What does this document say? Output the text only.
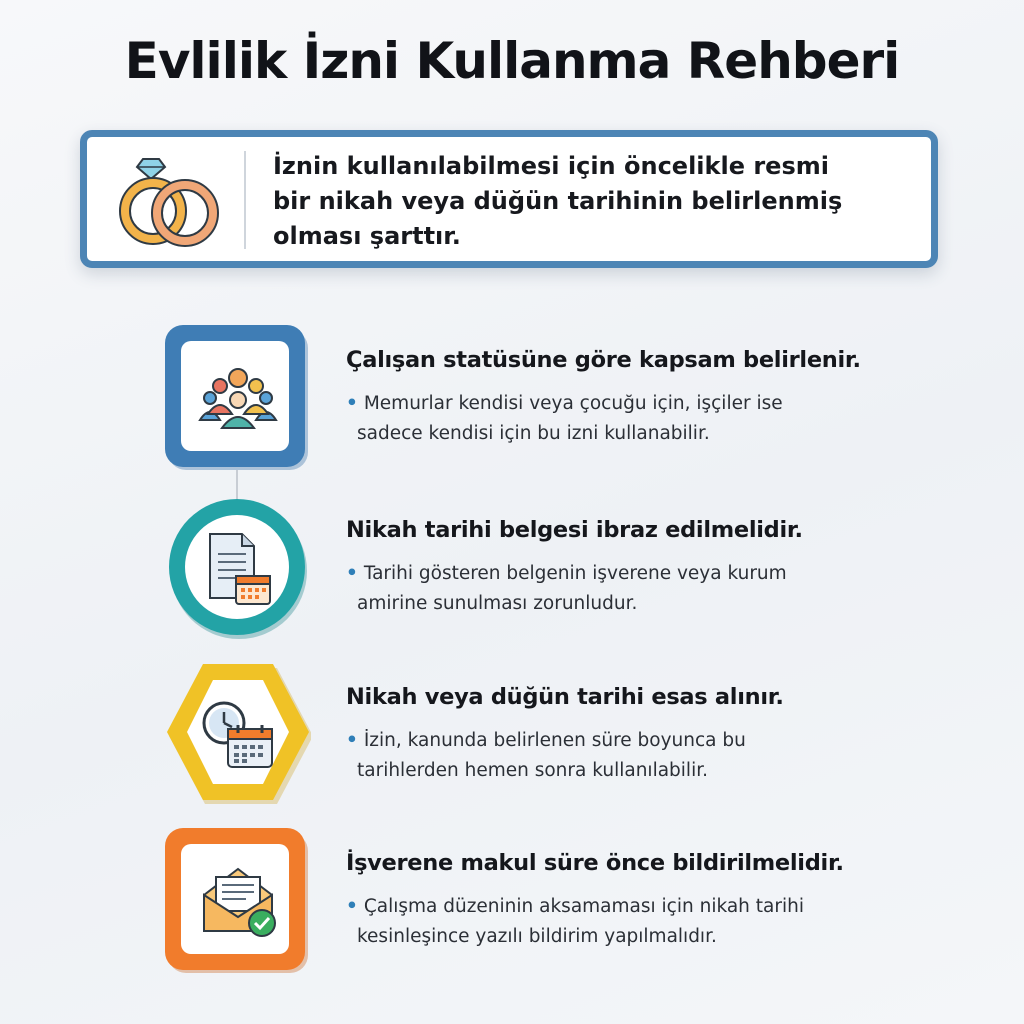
Evlilik İzni Kullanma Rehberi
İznin kullanılabilmesi için öncelikle resmi
bir nikah veya düğün tarihinin belirlenmiş
olması şarttır.
Çalışan statüsüne göre kapsam belirlenir.
• Memurlar kendisi veya çocuğu için, işçiler ise
sadece kendisi için bu izni kullanabilir.
Nikah tarihi belgesi ibraz edilmelidir.
• Tarihi gösteren belgenin işverene veya kurum
amirine sunulması zorunludur.
Nikah veya düğün tarihi esas alınır.
• İzin, kanunda belirlenen süre boyunca bu
tarihlerden hemen sonra kullanılabilir.
İşverene makul süre önce bildirilmelidir.
• Çalışma düzeninin aksamaması için nikah tarihi
kesinleşince yazılı bildirim yapılmalıdır.
